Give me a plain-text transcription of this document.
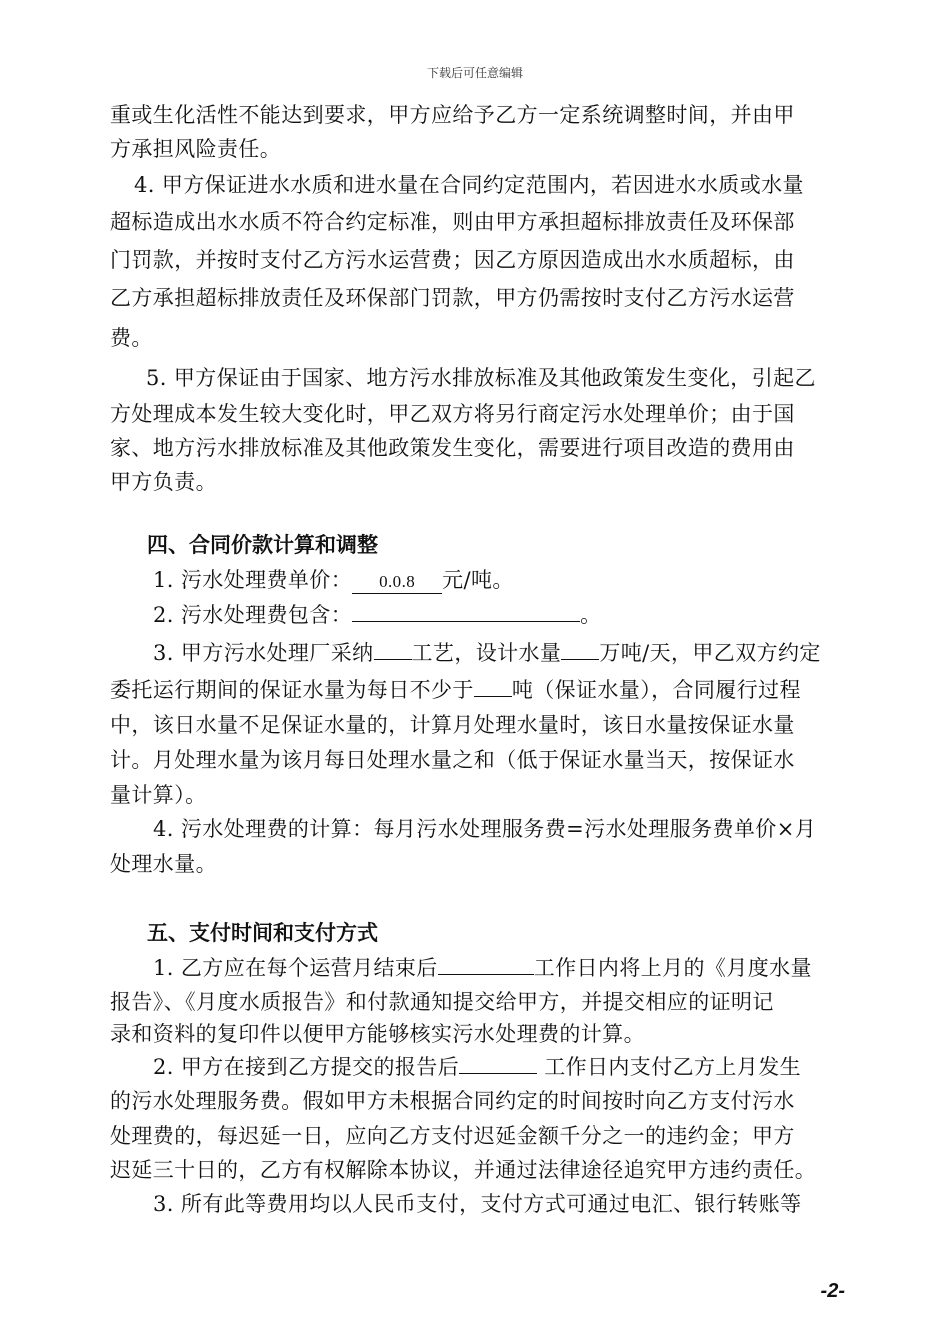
下载后可任意编辑
重或生化活性不能达到要求，甲方应给予乙方一定系统调整时间，并由甲
方承担风险责任。
4. 甲方保证进水水质和进水量在合同约定范围内，若因进水水质或水量
超标造成出水水质不符合约定标准，则由甲方承担超标排放责任及环保部
门罚款，并按时支付乙方污水运营费；因乙方原因造成出水水质超标，由
乙方承担超标排放责任及环保部门罚款，甲方仍需按时支付乙方污水运营
费。
5. 甲方保证由于国家、地方污水排放标准及其他政策发生变化，引起乙
方处理成本发生较大变化时，甲乙双方将另行商定污水处理单价；由于国
家、地方污水排放标准及其他政策发生变化，需要进行项目改造的费用由
甲方负责。
四、合同价款计算和调整
1. 污水处理费单价： 0.0.8 元/吨。
2. 污水处理费包含：	。
3. 甲方污水处理厂采纳 工艺，设计水量 万吨/天，甲乙双方约定
委托运行期间的保证水量为每日不少于 吨（保证水量），合同履行过程
中，该日水量不足保证水量的，计算月处理水量时，该日水量按保证水量
计。月处理水量为该月每日处理水量之和（低于保证水量当天，按保证水
量计算）。
4. 污水处理费的计算：每月污水处理服务费=污水处理服务费单价×月
处理水量。
五、支付时间和支付方式
1. 乙方应在每个运营月结束后	工作日内将上月的《月度水量
报告》、《月度水质报告》和付款通知提交给甲方，并提交相应的证明记
录和资料的复印件以便甲方能够核实污水处理费的计算。
2. 甲方在接到乙方提交的报告后	工作日内支付乙方上月发生
的污水处理服务费。假如甲方未根据合同约定的时间按时向乙方支付污水
处理费的，每迟延一日，应向乙方支付迟延金额千分之一的违约金；甲方
迟延三十日的，乙方有权解除本协议，并通过法律途径追究甲方违约责任。
3. 所有此等费用均以人民币支付，支付方式可通过电汇、银行转账等
-2-
